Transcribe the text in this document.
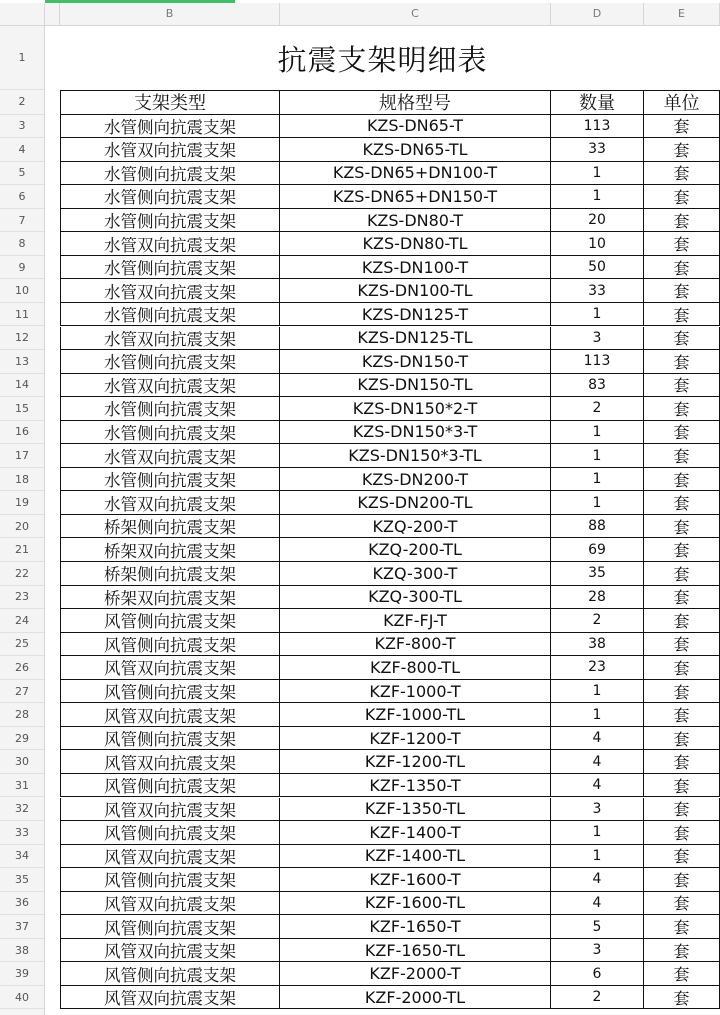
B	C	D	E
1
2
3
4
5
6
7
8
9
10
11
12
13
14
15
16
17
18
19
20
21
22
23
24
25
26
27
28
29
30
31
32
33
34
35
36
37
38
39
40
抗震支架明细表
支架类型	规格型号	数量	单位
水管侧向抗震支架	KZS-DN65-T	113	套
水管双向抗震支架	KZS-DN65-TL	33	套
水管侧向抗震支架	KZS-DN65+DN100-T	1	套
水管侧向抗震支架	KZS-DN65+DN150-T	1	套
水管侧向抗震支架	KZS-DN80-T	20	套
水管双向抗震支架	KZS-DN80-TL	10	套
水管侧向抗震支架	KZS-DN100-T	50	套
水管双向抗震支架	KZS-DN100-TL	33	套
水管侧向抗震支架	KZS-DN125-T	1	套
水管双向抗震支架	KZS-DN125-TL	3	套
水管侧向抗震支架	KZS-DN150-T	113	套
水管双向抗震支架	KZS-DN150-TL	83	套
水管侧向抗震支架	KZS-DN150*2-T	2	套
水管侧向抗震支架	KZS-DN150*3-T	1	套
水管双向抗震支架	KZS-DN150*3-TL	1	套
水管侧向抗震支架	KZS-DN200-T	1	套
水管双向抗震支架	KZS-DN200-TL	1	套
桥架侧向抗震支架	KZQ-200-T	88	套
桥架双向抗震支架	KZQ-200-TL	69	套
桥架侧向抗震支架	KZQ-300-T	35	套
桥架双向抗震支架	KZQ-300-TL	28	套
风管侧向抗震支架	KZF-FJ-T	2	套
风管侧向抗震支架	KZF-800-T	38	套
风管双向抗震支架	KZF-800-TL	23	套
风管侧向抗震支架	KZF-1000-T	1	套
风管双向抗震支架	KZF-1000-TL	1	套
风管侧向抗震支架	KZF-1200-T	4	套
风管双向抗震支架	KZF-1200-TL	4	套
风管侧向抗震支架	KZF-1350-T	4	套
风管双向抗震支架	KZF-1350-TL	3	套
风管侧向抗震支架	KZF-1400-T	1	套
风管双向抗震支架	KZF-1400-TL	1	套
风管侧向抗震支架	KZF-1600-T	4	套
风管双向抗震支架	KZF-1600-TL	4	套
风管侧向抗震支架	KZF-1650-T	5	套
风管双向抗震支架	KZF-1650-TL	3	套
风管侧向抗震支架	KZF-2000-T	6	套
风管双向抗震支架	KZF-2000-TL	2	套
